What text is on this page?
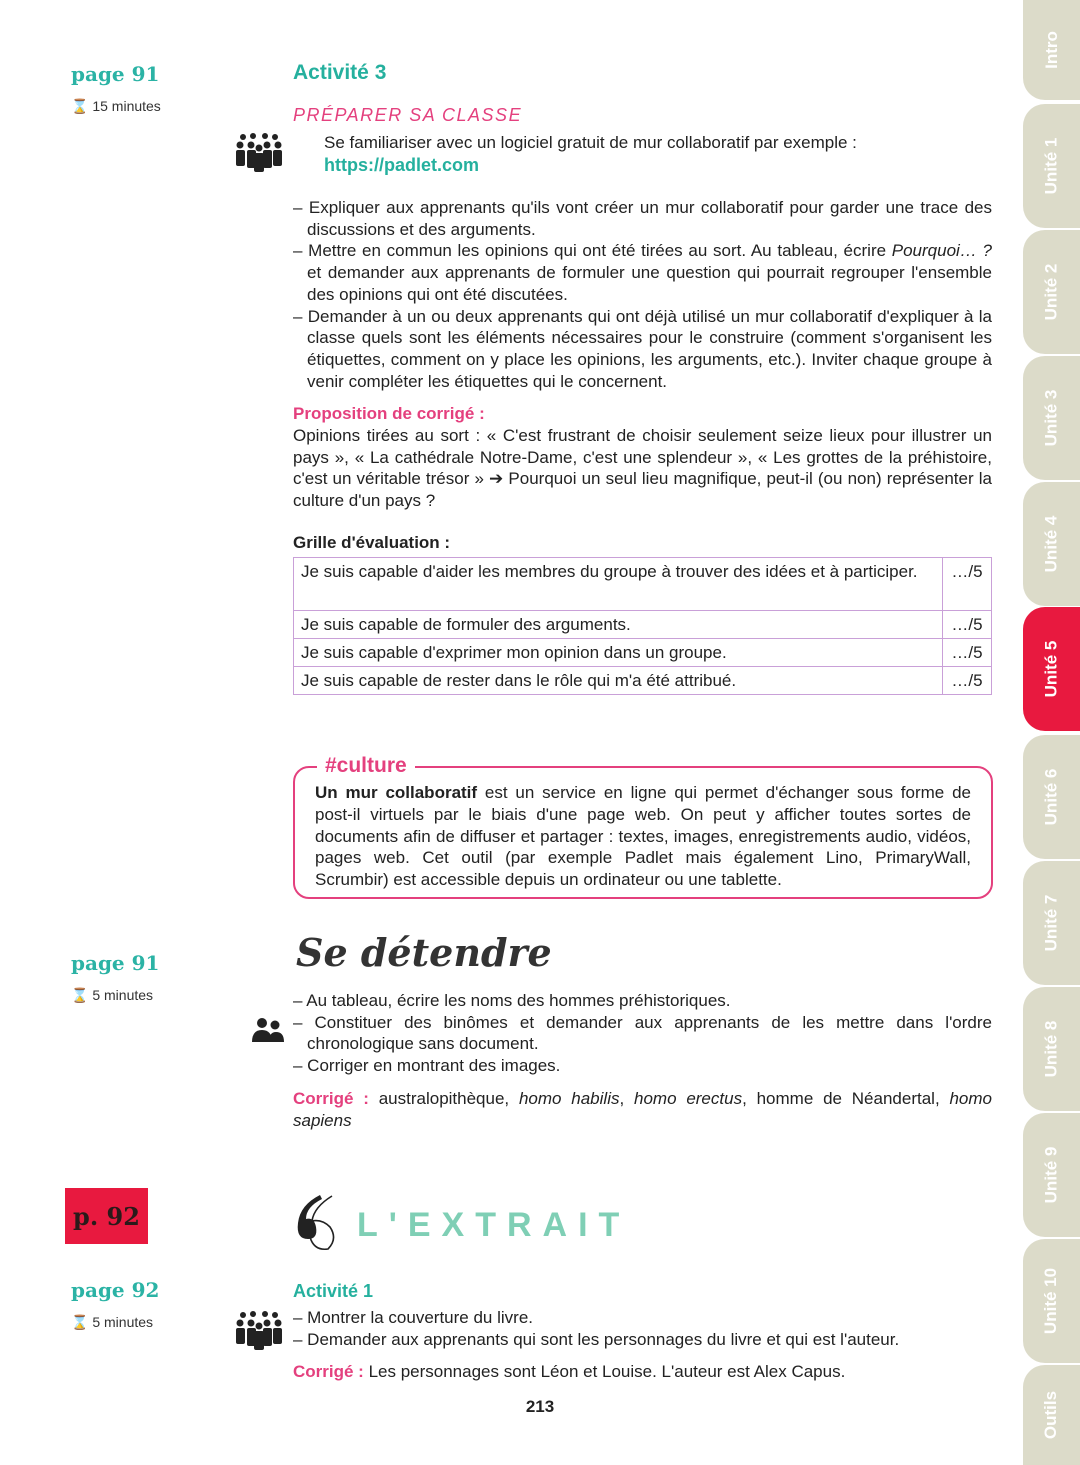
Intro
Unité 1
Unité 2
Unité 3
Unité 4
Unité 5
Unité 6
Unité 7
Unité 8
Unité 9
Unité 10
Outils
page 91
⌛ 15 minutes
Activité 3
PRÉPARER SA CLASSE
Se familiariser avec un logiciel gratuit de mur collaboratif par exemple :
https://padlet.com
– Expliquer aux apprenants qu'ils vont créer un mur collaboratif pour garder une trace des discussions et des arguments.
– Mettre en commun les opinions qui ont été tirées au sort. Au tableau, écrire Pourquoi… ? et demander aux apprenants de formuler une question qui pourrait regrouper l'ensemble des opinions qui ont été discutées.
– Demander à un ou deux apprenants qui ont déjà utilisé un mur collaboratif d'expliquer à la classe quels sont les éléments nécessaires pour le construire (comment s'organisent les étiquettes, comment on y place les opinions, les arguments, etc.). Inviter chaque groupe à venir compléter les étiquettes qui le concernent.
Proposition de corrigé :
Opinions tirées au sort : « C'est frustrant de choisir seulement seize lieux pour illustrer un pays », « La cathédrale Notre-Dame, c'est une splendeur », « Les grottes de la préhistoire, c'est un véritable trésor » ➔ Pourquoi un seul lieu magnifique, peut-il (ou non) représenter la culture d'un pays ?
Grille d'évaluation :
Je suis capable d'aider les membres du groupe à trouver des idées et à participer.	…/5
Je suis capable de formuler des arguments.	…/5
Je suis capable d'exprimer mon opinion dans un groupe.	…/5
Je suis capable de rester dans le rôle qui m'a été attribué.	…/5
#culture
Un mur collaboratif est un service en ligne qui permet d'échanger sous forme de post-il virtuels par le biais d'une page web. On peut y afficher toutes sortes de documents afin de diffuser et partager : textes, images, enregistrements audio, vidéos, pages web. Cet outil (par exemple Padlet mais également Lino, PrimaryWall, Scrumbir) est accessible depuis un ordinateur ou une tablette.
page 91
⌛ 5 minutes
Se détendre
– Au tableau, écrire les noms des hommes préhistoriques.
– Constituer des binômes et demander aux apprenants de les mettre dans l'ordre chronologique sans document.
– Corriger en montrant des images.
Corrigé : australopithèque, homo habilis, homo erectus, homme de Néandertal, homo sapiens
p. 92	L'EXTRAIT
page 92
⌛ 5 minutes
Activité 1
– Montrer la couverture du livre.
– Demander aux apprenants qui sont les personnages du livre et qui est l'auteur.
Corrigé : Les personnages sont Léon et Louise. L'auteur est Alex Capus.
213
